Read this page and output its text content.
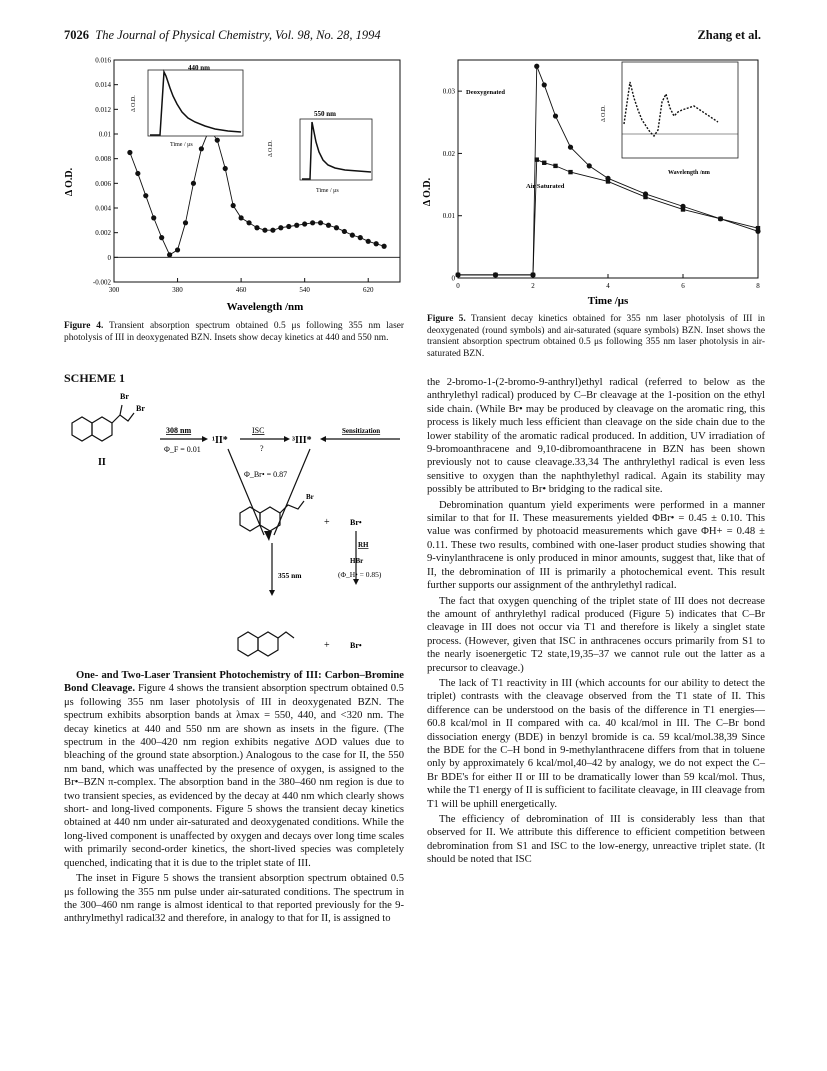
7026 The Journal of Physical Chemistry, Vol. 98, No. 28, 1994	Zhang et al.
300	380	460	540	620
-0.002
0
0.002
0.004
0.006
0.008
0.01
0.012
0.014
0.016
Wavelength /nm
Δ O.D.
440 nm
Time / μs
Δ O.D.
550 nm
Time / μs
Δ O.D.
Figure 4. Transient absorption spectrum obtained 0.5 μs following 355 nm laser photolysis of III in deoxygenated BZN. Insets show decay kinetics at 440 and 550 nm.
SCHEME 1
Br
Br
II
308 nm
Φ_F = 0.01
¹II*
ISC
?
³III*
Sensitization
Φ_Br• = 0.87
Br
+	Br•
RH
HBr
(Φ_H• = 0.85)
355 nm
+	Br•

One- and Two-Laser Transient Photochemistry of III: Carbon–Bromine Bond Cleavage. Figure 4 shows the transient absorption spectrum obtained 0.5 μs following 355 nm laser photolysis of III in deoxygenated BZN. The spectrum exhibits absorption bands at λmax = 550, 440, and <320 nm. The decay kinetics at 440 and 550 nm are shown as insets in the figure. (The spectrum in the 400–420 nm region exhibits negative ΔOD values due to bleaching of the ground state absorption.) Analogous to the case for II, the 550 nm band, which was unaffected by the presence of oxygen, is assigned to the Br•–BZN π-complex. The absorption band in the 380–460 nm region is due to two transient species, as evidenced by the decay at 440 nm which clearly shows short- and long-lived components. Figure 5 shows the transient decay kinetics obtained at 440 nm under air-saturated and deoxygenated conditions. While the long-lived component is unaffected by oxygen and decays over long time scales with primarily second-order kinetics, the short-lived species was completely quenched, indicating that it is due to the triplet state of III.

The inset in Figure 5 shows the transient absorption spectrum obtained 0.5 μs following the 355 nm pulse under air-saturated conditions. The spectrum in the 300–460 nm range is almost identical to that reported previously for the 9-anthrylmethyl radical32 and therefore, in analogy to that for II, is assigned to

0	2	4	6	8
0
0.01
0.02
0.03
Time /μs
Δ O.D.
Deoxygenated
Air Saturated
Wavelength /nm
Δ O.D.
Figure 5. Transient decay kinetics obtained for 355 nm laser photolysis of III in deoxygenated (round symbols) and air-saturated (square symbols) BZN. Inset shows the transient absorption spectrum obtained 0.5 μs following 355 nm laser photolysis in air-saturated BZN.

the 2-bromo-1-(2-bromo-9-anthryl)ethyl radical (referred to below as the anthrylethyl radical) produced by C–Br cleavage at the 1-position on the ethyl side chain. (While Br• may be produced by cleavage on the aromatic ring, this process is likely much less efficient than cleavage on the side chain due to the lower stability of the aromatic radical produced. In addition, UV irradiation of 9-bromoanthracene and 9,10-dibromoanthracene in BZN has been shown previously not to cause cleavage.33,34 The anthrylethyl radical is even less sensitive to oxygen than the naphthylethyl radical. Again its stability may possibly be attributed to Br• bridging to the radical site.

Debromination quantum yield experiments were performed in a manner similar to that for II. These measurements yielded ΦBr• = 0.45 ± 0.10. This value was confirmed by photoacid measurements which gave ΦH+ = 0.48 ± 0.11. These two results, combined with one-laser product studies showing that 9-vinylanthracene is only produced in minor amounts, suggest that, like that of II, the debromination of III is primarily a photochemical event. This result further supports our assignment of the anthrylethyl radical.

The fact that oxygen quenching of the triplet state of III does not decrease the amount of anthrylethyl radical produced (Figure 5) indicates that C–Br cleavage in III does not occur via T1 and therefore is likely a singlet state process. (However, given that ISC in anthracenes occurs primarily from S1 to the nearly isoenergetic T2 state,19,35–37 we cannot rule out the latter as a precursor to cleavage.)

The lack of T1 reactivity in III (which accounts for our ability to detect the triplet) contrasts with the cleavage observed from the T1 state of II. This difference can be understood on the basis of the difference in T1 energies—60.8 kcal/mol in II compared with ca. 40 kcal/mol in III. The C–Br bond dissociation energy (BDE) in benzyl bromide is ca. 59 kcal/mol.38,39 Since the BDE for the C–H bond in 9-methylanthracene differs from that in toluene only by approximately 6 kcal/mol,40–42 by analogy, we do not expect the C–Br BDE's for either II or III to be dramatically lower than 59 kcal/mol. Thus, while the T1 energy of II is sufficient to facilitate cleavage, in III cleavage from T1 will be uphill energetically.

The efficiency of debromination of III is considerably less than that observed for II. We attribute this difference to efficient competition between debromination from S1 and ISC to the low-energy, unreactive triplet state. (It should be noted that ISC
